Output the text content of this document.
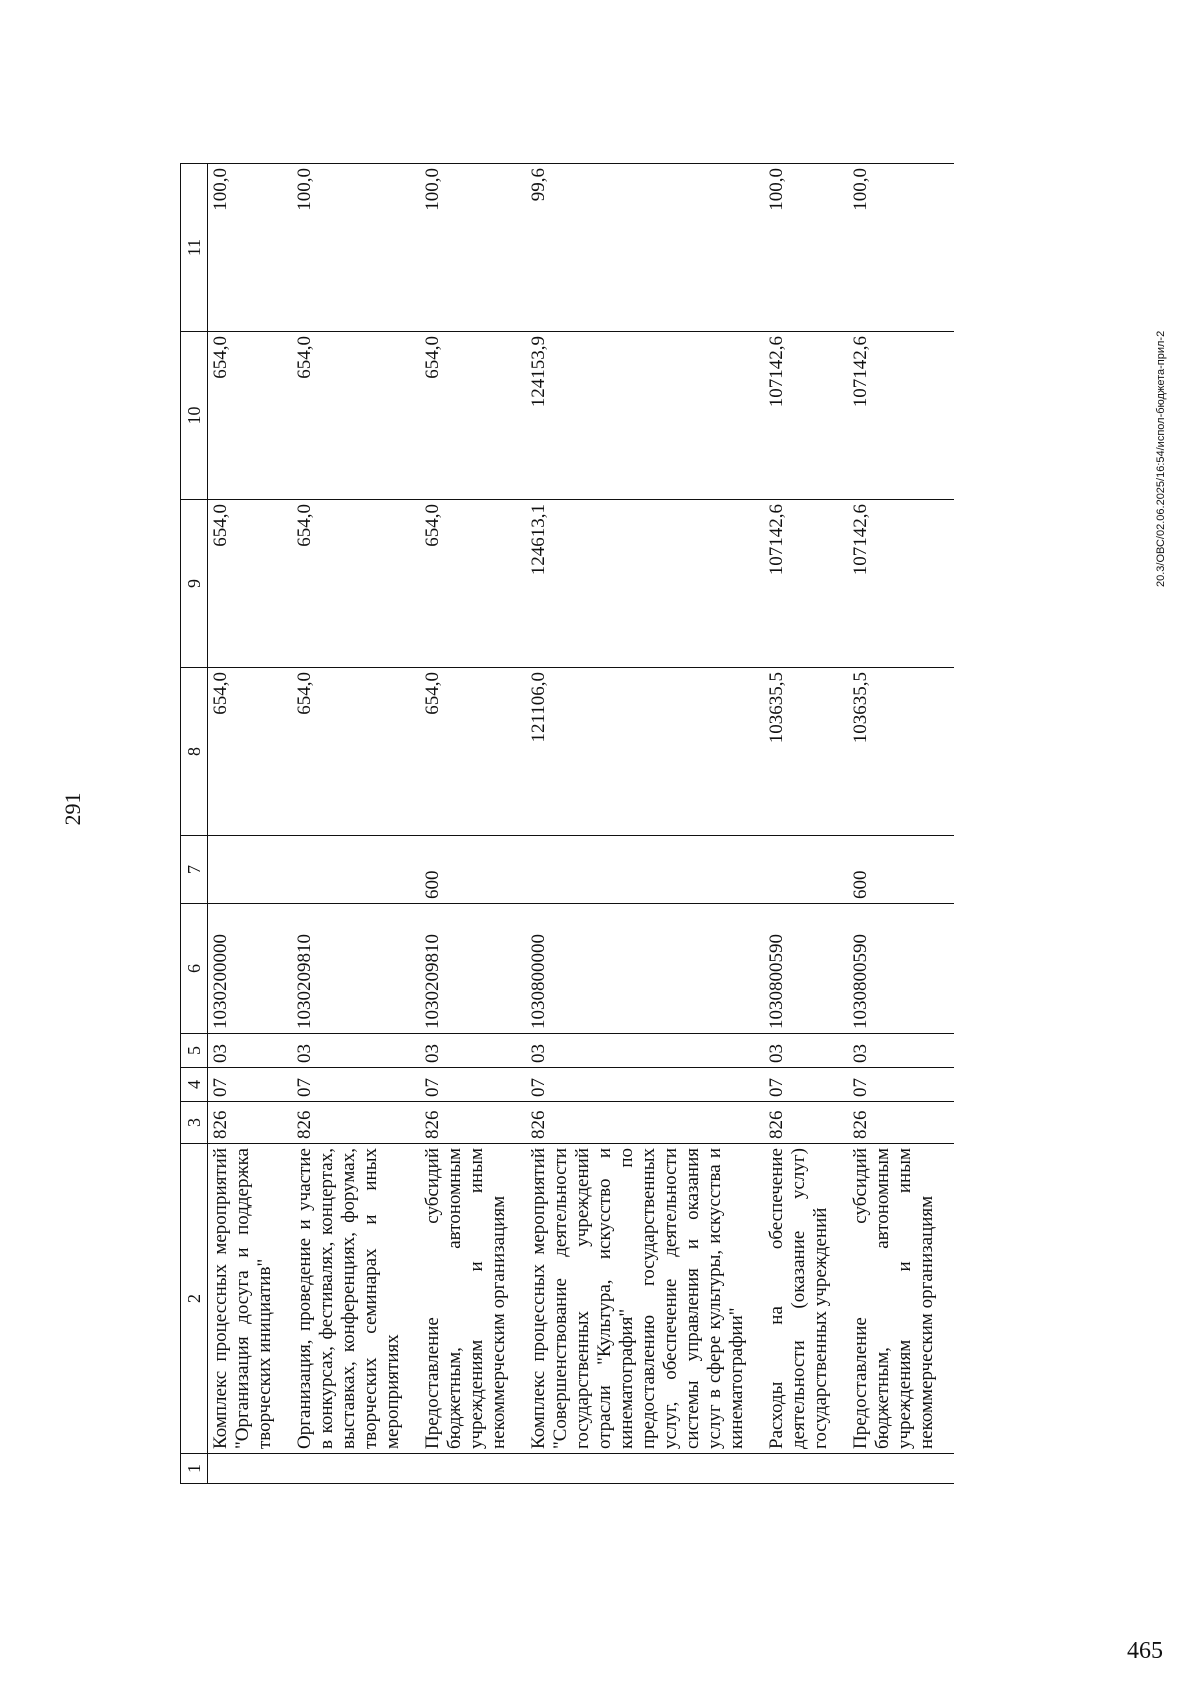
291
1	2	3	4	5	6	7	8	9	10	11
	Комплекс процессных мероприятий "Организация досуга и поддержка творческих инициатив"	826	07	03	1030200000		654,0	654,0	654,0	100,0
	Организация, проведение и участие в конкурсах, фестивалях, концертах, выставках, конференциях, форумах, творческих семинарах и иных мероприятиях	826	07	03	1030209810		654,0	654,0	654,0	100,0
	Предоставление субсидий бюджетным, автономным учреждениям и иным некоммерческим организациям	826	07	03	1030209810	600	654,0	654,0	654,0	100,0
	Комплекс процессных мероприятий "Совершенствование деятельности государственных учреждений отрасли "Культура, искусство и кинематография" по предоставлению государственных услуг, обеспечение деятельности системы управления и оказания услуг в сфере культуры, искусства и кинематографии"	826	07	03	1030800000		121106,0	124613,1	124153,9	99,6
	Расходы на обеспечение деятельности (оказание услуг) государственных учреждений	826	07	03	1030800590		103635,5	107142,6	107142,6	100,0
	Предоставление субсидий бюджетным, автономным учреждениям и иным некоммерческим организациям	826	07	03	1030800590	600	103635,5	107142,6	107142,6	100,0
20.3/ОВС/02.06.2025/16:54/испол-бюджета-прил-2
465
